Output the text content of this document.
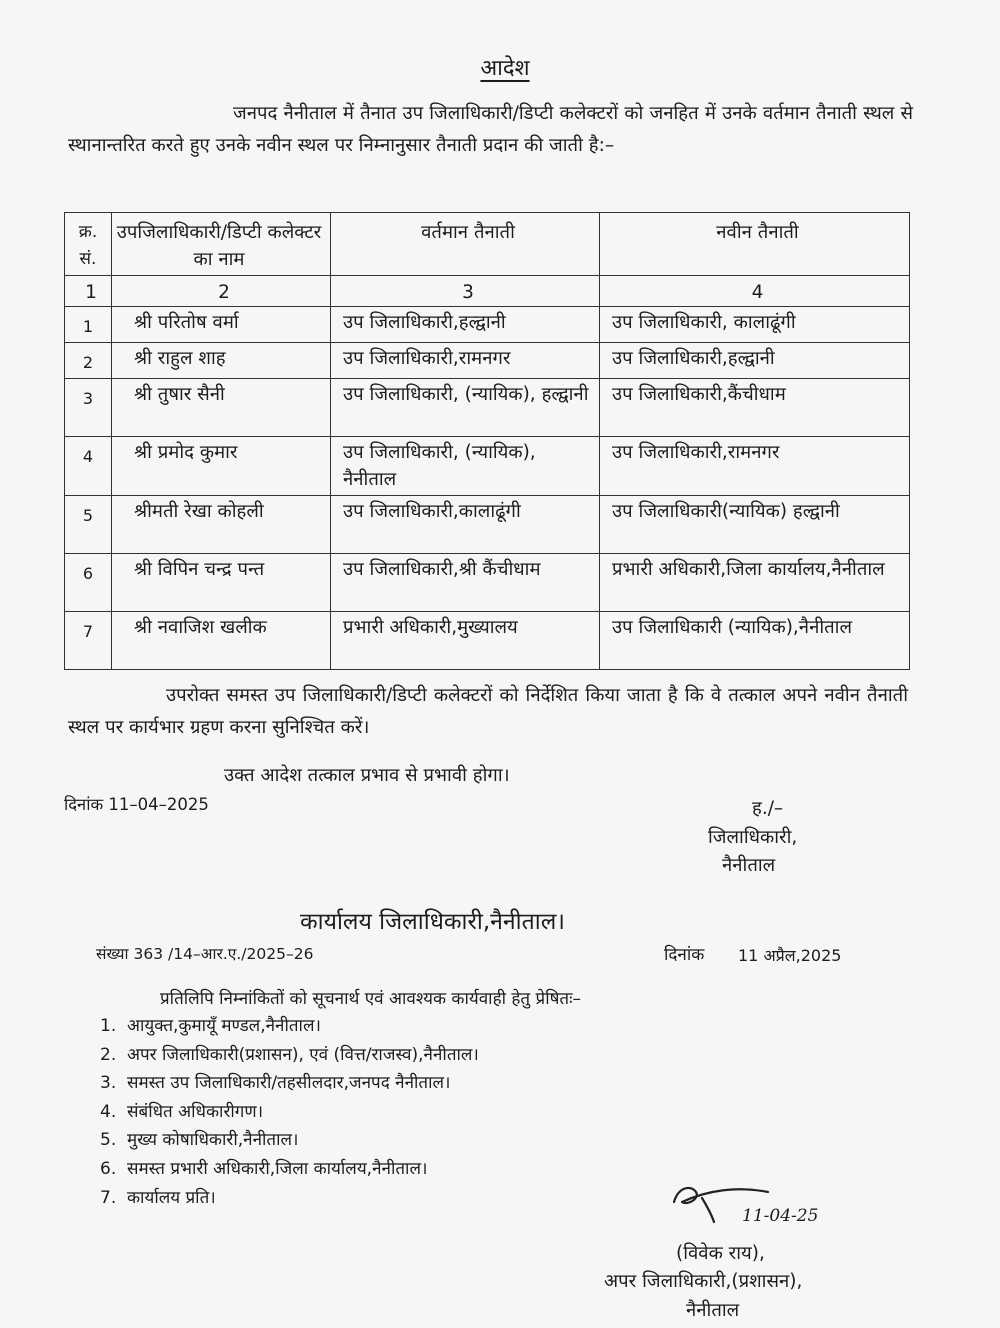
आदेश
जनपद नैनीताल में तैनात उप जिलाधिकारी/डिप्टी कलेक्टरों को जनहित में उनके वर्तमान तैनाती स्थल से स्थानान्तरित करते हुए उनके नवीन स्थल पर निम्नानुसार तैनाती प्रदान की जाती है:–
क्र. सं.	उपजिलाधिकारी/डिप्टी कलेक्टर का नाम	वर्तमान तैनाती	नवीन तैनाती
1	2	3	4
1	श्री परितोष वर्मा	उप जिलाधिकारी,हल्द्वानी	उप जिलाधिकारी, कालाढूंगी
2	श्री राहुल शाह	उप जिलाधिकारी,रामनगर	उप जिलाधिकारी,हल्द्वानी
3	श्री तुषार सैनी	उप जिलाधिकारी, (न्यायिक), हल्द्वानी	उप जिलाधिकारी,कैंचीधाम
4	श्री प्रमोद कुमार	उप जिलाधिकारी, (न्यायिक), नैनीताल	उप जिलाधिकारी,रामनगर
5	श्रीमती रेखा कोहली	उप जिलाधिकारी,कालाढूंगी	उप जिलाधिकारी(न्यायिक) हल्द्वानी
6	श्री विपिन चन्द्र पन्त	उप जिलाधिकारी,श्री कैंचीधाम	प्रभारी अधिकारी,जिला कार्यालय,नैनीताल
7	श्री नवाजिश खलीक	प्रभारी अधिकारी,मुख्यालय	उप जिलाधिकारी (न्यायिक),नैनीताल
उपरोक्त समस्त उप जिलाधिकारी/डिप्टी कलेक्टरों को निर्देशित किया जाता है कि वे तत्काल अपने नवीन तैनाती स्थल पर कार्यभार ग्रहण करना सुनिश्चित करें।
उक्त आदेश तत्काल प्रभाव से प्रभावी होगा।
दिनांक 11–04–2025	ह./–
जिलाधिकारी,
नैनीताल
कार्यालय जिलाधिकारी,नैनीताल।
संख्या 363 /14–आर.ए./2025–26	दिनांक 11 अप्रैल,2025
प्रतिलिपि निम्नांकितों को सूचनार्थ एवं आवश्यक कार्यवाही हेतु प्रेषितः–
1. आयुक्त,कुमायूँ मण्डल,नैनीताल।
2. अपर जिलाधिकारी(प्रशासन), एवं (वित्त/राजस्व),नैनीताल।
3. समस्त उप जिलाधिकारी/तहसीलदार,जनपद नैनीताल।
4. संबंधित अधिकारीगण।
5. मुख्य कोषाधिकारी,नैनीताल।
6. समस्त प्रभारी अधिकारी,जिला कार्यालय,नैनीताल।
7. कार्यालय प्रति।
11-04-25
(विवेक राय),
अपर जिलाधिकारी,(प्रशासन),
नैनीताल
